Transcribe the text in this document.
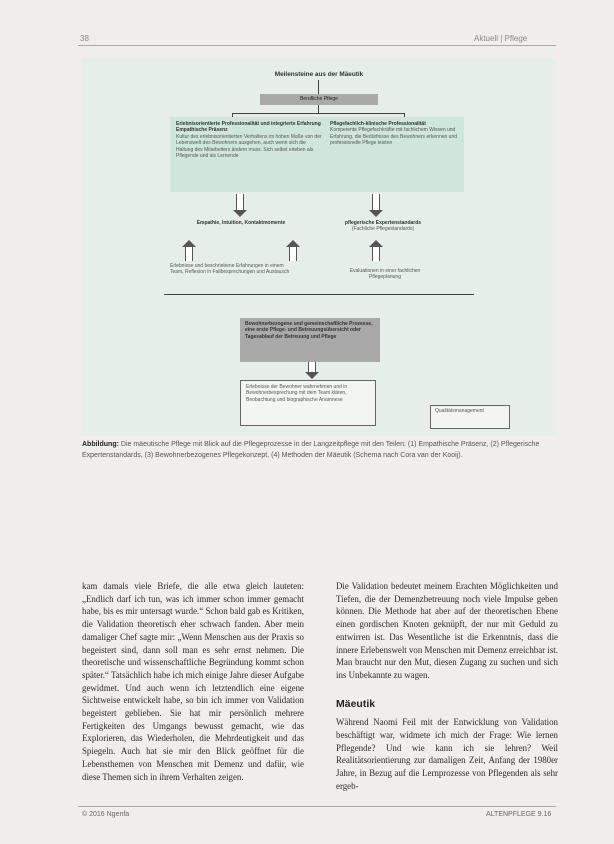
38	Aktuell | Pflege
Meilensteine aus der Mäeutik
Berufliche Pflege
Erlebnisorientierte Professionalität und integrierte Erfahrung Empathische Präsenz
Kultur des erlebnisorientierten Verhaltens im hohen Maße von der Lebenswelt des Bewohners ausgehen, auch wenn sich die Haltung des Mitarbeiters ändern muss. Sich selbst erleben als Pflegende und als Lernende
Pflegefachlich-klinische Professionalität
Kompetente Pflegefachkräfte mit fachlichem Wissen und Erfahrung, die Bedürfnisse des Bewohners erkennen und professionelle Pflege leisten
Empathie, Intuition, Kontaktmomente	pflegerische Expertenstandards
(Fachliche Pflegestandards)
Erlebnisse und beschriebene Erfahrungen in einem Team, Reflexion in Fallbesprechungen und Austausch	Evaluationen in einer fachlichen Pflegeplanung
Bewohnerbezogene und gemeinschaftliche Prozesse, eine erste Pflege- und Betreuungsübersicht oder Tagesablauf der Betreuung und Pflege
Erlebnisse der Bewohner wahrnehmen und in Bewohnerbesprechung mit dem Team klären, Beobachtung und biographische Anamnese
Qualitätsmanagement
Abbildung: Die mäeutische Pflege mit Blick auf die Pflegeprozesse in der Langzeitpflege mit den Teilen: (1) Empathische Präsenz, (2) Pflegerische Expertenstandards, (3) Bewohnerbezogenes Pflegekonzept, (4) Methoden der Mäeutik (Schema nach Cora van der Kooij).

kam damals viele Briefe, die alle etwa gleich lauteten: „Endlich darf ich tun, was ich immer schon immer gemacht habe, bis es mir untersagt wurde.“ Schon bald gab es Kritiken, die Validation theoretisch eher schwach fanden. Aber mein damaliger Chef sagte mir: „Wenn Menschen aus der Praxis so begeistert sind, dann soll man es sehr ernst nehmen. Die theoretische und wissenschaftliche Begründung kommt schon später.“ Tatsächlich habe ich mich einige Jahre dieser Aufgabe gewidmet. Und auch wenn ich letztendlich eine eigene Sichtweise entwickelt habe, so bin ich immer von Validation begeistert geblieben. Sie hat mir persönlich mehrere Fertigkeiten des Umgangs bewusst gemacht, wie das Explorieren, das Wiederholen, die Mehrdeutigkeit und das Spiegeln. Auch hat sie mir den Blick geöffnet für die Lebensthemen von Menschen mit Demenz und dafür, wie diese Themen sich in ihrem Verhalten zeigen.

Die Validation bedeutet meinem Erachten Möglichkeiten und Tiefen, die der Demenzbetreuung noch viele Impulse geben können. Die Methode hat aber auf der theoretischen Ebene einen gordischen Knoten geknüpft, der nur mit Geduld zu entwirren ist. Das Wesentliche ist die Erkenntnis, dass die innere Erlebenswelt von Menschen mit Demenz erreichbar ist. Man braucht nur den Mut, diesen Zugang zu suchen und sich ins Unbekannte zu wagen.

Mäeutik

Während Naomi Feil mit der Entwicklung von Validation beschäftigt war, widmete ich mich der Frage: Wie lernen Pflegende? Und wie kann ich sie lehren? Weil Realitätsorientierung zur damaligen Zeit, Anfang der 1980er Jahre, in Bezug auf die Lernprozesse von Pflegenden als sehr ergeb-

© 2016 Ngenfa	ALTENPFLEGE 9.16
